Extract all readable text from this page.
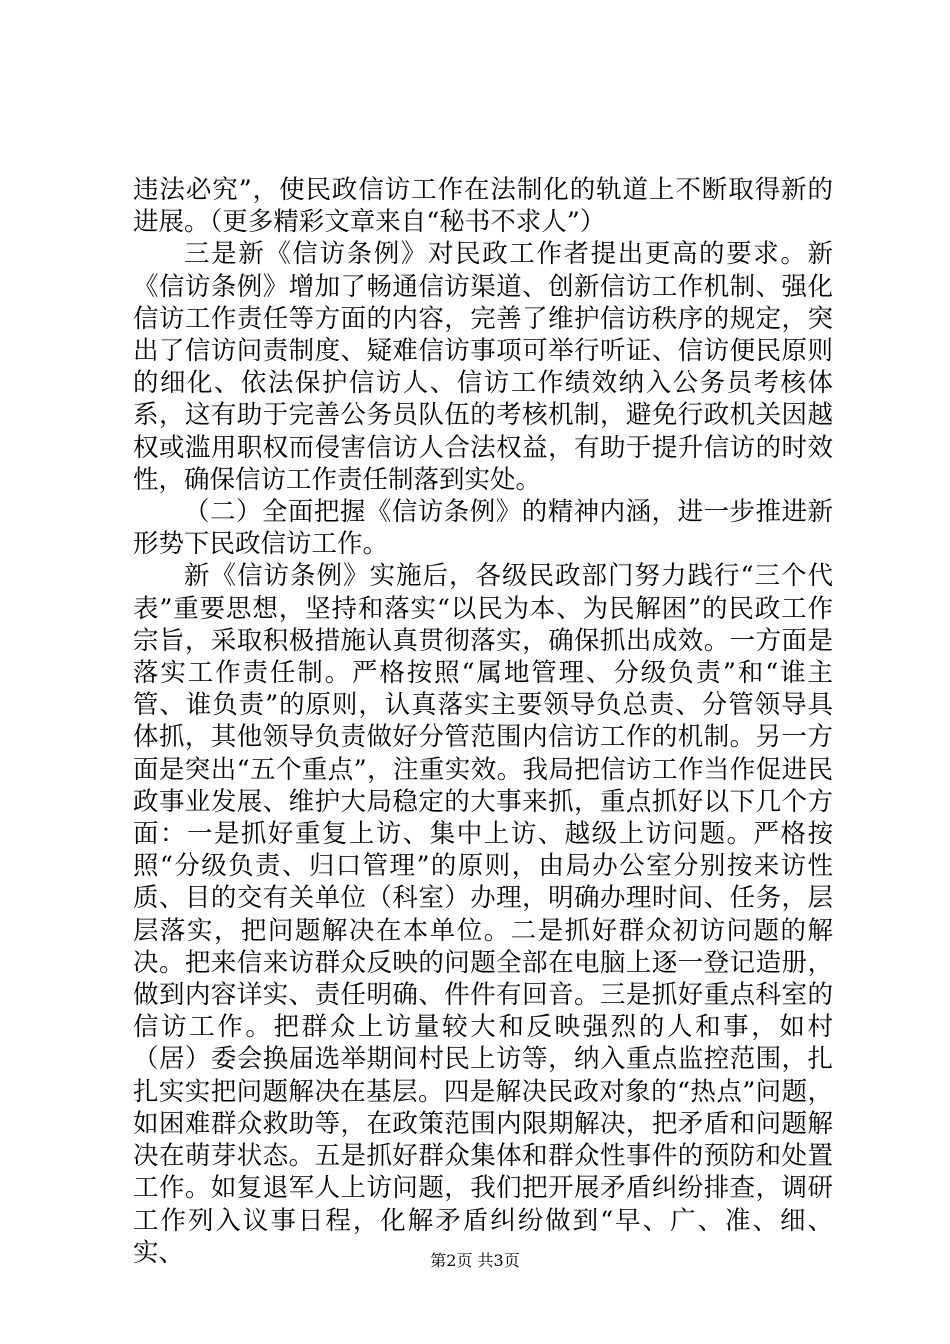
违法必究”，使民政信访工作在法制化的轨道上不断取得新的进展。（更多精彩文章来自“秘书不求人”）

三是新《信访条例》对民政工作者提出更高的要求。新《信访条例》增加了畅通信访渠道、创新信访工作机制、强化信访工作责任等方面的内容，完善了维护信访秩序的规定，突出了信访问责制度、疑难信访事项可举行听证、信访便民原则的细化、依法保护信访人、信访工作绩效纳入公务员考核体系，这有助于完善公务员队伍的考核机制，避免行政机关因越权或滥用职权而侵害信访人合法权益，有助于提升信访的时效性，确保信访工作责任制落到实处。

（二）全面把握《信访条例》的精神内涵，进一步推进新形势下民政信访工作。

新《信访条例》实施后，各级民政部门努力践行“三个代表”重要思想，坚持和落实“以民为本、为民解困”的民政工作宗旨，采取积极措施认真贯彻落实，确保抓出成效。一方面是落实工作责任制。严格按照“属地管理、分级负责”和“谁主管、谁负责”的原则，认真落实主要领导负总责、分管领导具体抓，其他领导负责做好分管范围内信访工作的机制。另一方面是突出“五个重点”，注重实效。我局把信访工作当作促进民政事业发展、维护大局稳定的大事来抓，重点抓好以下几个方面：一是抓好重复上访、集中上访、越级上访问题。严格按照“分级负责、归口管理”的原则，由局办公室分别按来访性质、目的交有关单位（科室）办理，明确办理时间、任务，层层落实，把问题解决在本单位。二是抓好群众初访问题的解决。把来信来访群众反映的问题全部在电脑上逐一登记造册，做到内容详实、责任明确、件件有回音。三是抓好重点科室的信访工作。把群众上访量较大和反映强烈的人和事，如村（居）委会换届选举期间村民上访等，纳入重点监控范围，扎扎实实把问题解决在基层。四是解决民政对象的“热点”问题，如困难群众救助等，在政策范围内限期解决，把矛盾和问题解决在萌芽状态。五是抓好群众集体和群众性事件的预防和处置工作。如复退军人上访问题，我们把开展矛盾纠纷排查，调研工作列入议事日程，化解矛盾纠纷做到“早、广、准、细、实、	第2页 共3页
